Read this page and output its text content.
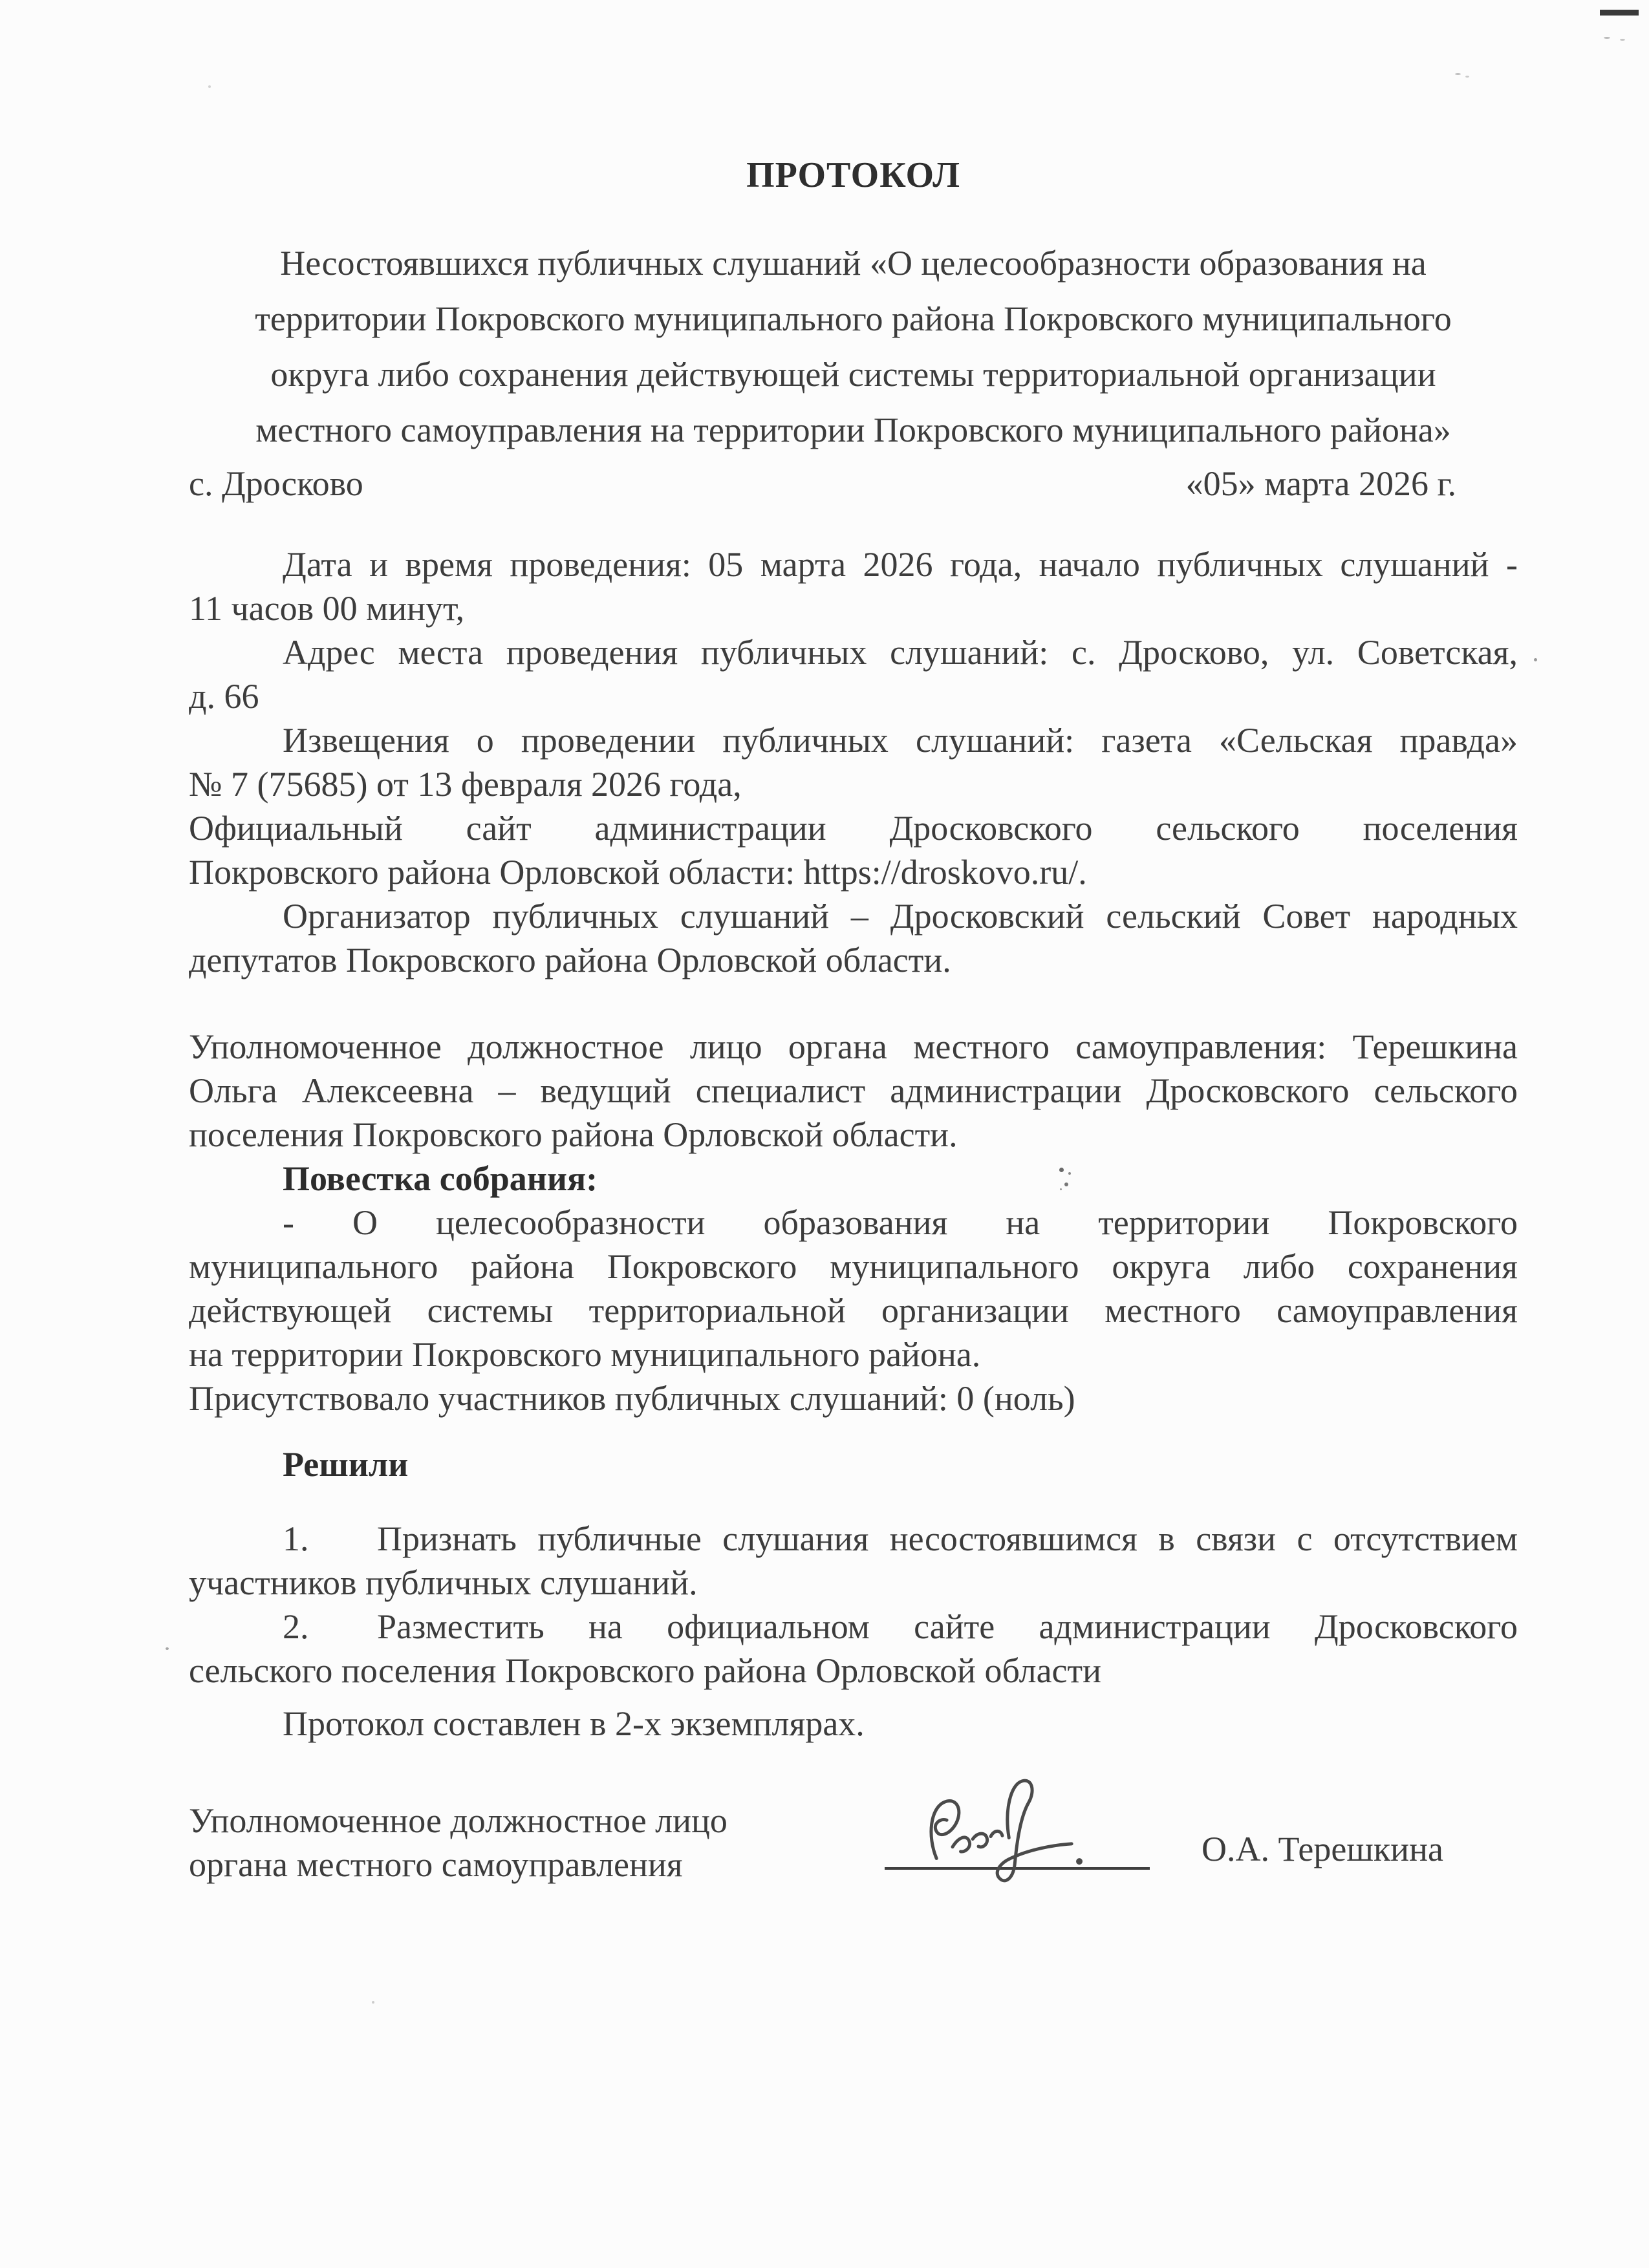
ПРОТОКОЛ
Несостоявшихся публичных слушаний «О целесообразности образования на
территории Покровского муниципального района Покровского муниципального
округа либо сохранения действующей системы территориальной организации
местного самоуправления на территории Покровского муниципального района»
с. Дросково	«05» марта 2026 г.
Дата и время проведения: 05 марта 2026 года, начало публичных слушаний -
11 часов 00 минут,
Адрес места проведения публичных слушаний: с. Дросково, ул. Советская,
д. 66
Извещения о проведении публичных слушаний: газета «Сельская правда»
№ 7 (75685) от 13 февраля 2026 года,
Официальный сайт администрации Дросковского сельского поселения
Покровского района Орловской области: https://droskovo.ru/.
Организатор публичных слушаний – Дросковский сельский Совет народных
депутатов Покровского района Орловской области.
Уполномоченное должностное лицо органа местного самоуправления: Терешкина
Ольга Алексеевна – ведущий специалист администрации Дросковского сельского
поселения Покровского района Орловской области.
Повестка собрания:
- О целесообразности образования на территории Покровского
муниципального района Покровского муниципального округа либо сохранения
действующей системы территориальной организации местного самоуправления
на территории Покровского муниципального района.
Присутствовало участников публичных слушаний: 0 (ноль)
Решили
1. Признать публичные слушания несостоявшимся в связи с отсутствием
участников публичных слушаний.
2. Разместить на официальном сайте администрации Дросковского
сельского поселения Покровского района Орловской области
Протокол составлен в 2-х экземплярах.
Уполномоченное должностное лицо
органа местного самоуправления	О.А. Терешкина
